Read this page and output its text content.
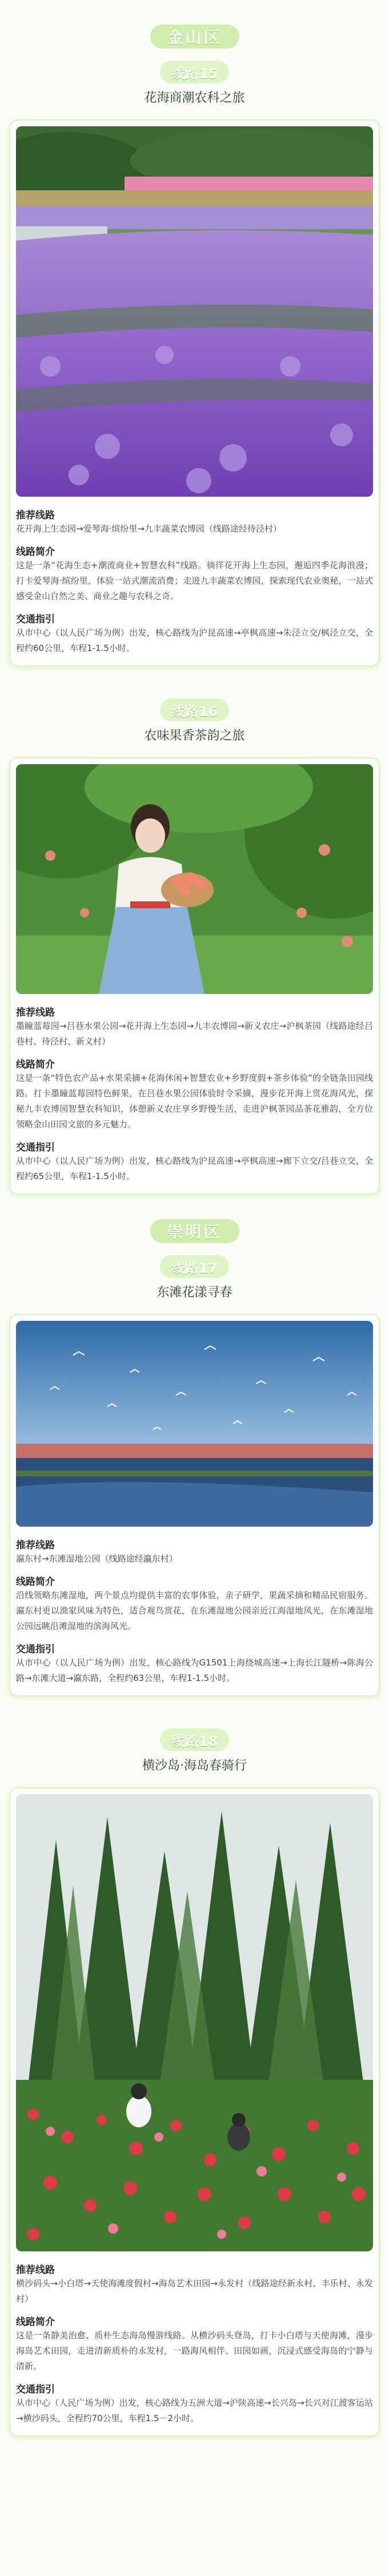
金山区
线路15
花海商潮农科之旅
推荐线路
花开海上生态园→爱琴海·缤纷里→九丰蔬菜农博园（线路途经待泾村）
线路简介
这是一条“花海生态+潮流商业+智慧农科”线路。徜徉花开海上生态园，邂逅四季花海浪漫；打卡爱琴海·缤纷里，体验一站式潮流消费；走进九丰蔬菜农博园，探索现代农业奥秘，一站式感受金山自然之美、商业之趣与农科之奇。
交通指引
从市中心（以人民广场为例）出发，核心路线为沪昆高速→亭枫高速→朱泾立交/枫泾立交，全程约60公里，车程1-1.5小时。
线路16
农味果香茶韵之旅
推荐线路
墨瞳蓝莓园→吕巷水果公园→花开海上生态园→九丰农博园→新义农庄→沪枫茶园（线路途经吕巷村、待泾村、新义村）
线路简介
这是一条“特色农产品+水果采摘+花海休闲+智慧农业+乡野度假+茶乡体验”的全链条田园线路。打卡墨瞳蓝莓园特色鲜果，在吕巷水果公园体验时令采摘，漫步花开海上赏花海风光，探秘九丰农博园智慧农科知识，体憩新义农庄享乡野慢生活，走进沪枫茶园品茶花雅韵，全方位领略金山田园文旅的多元魅力。
交通指引
从市中心（以人民广场为例）出发，核心路线为沪昆高速→亭枫高速→廊下立交/吕巷立交，全程约65公里，车程1-1.5小时。
崇明区
线路17
东滩花漾寻春
推荐线路
瀛东村→东滩湿地公园（线路途经瀛东村）
线路简介
沿线领略东滩湿地，两个景点均提供丰富的农事体验，亲子研学，果蔬采摘和精品民宿服务。瀛东村更以渔家风味为特色，适合观鸟赏花，在东滩湿地公园亲近江海湿地风光，在东滩湿地公园远眺沿滩湿地的滨海风光。
交通指引
从市中心（以人民广场为例）出发，核心路线为G1501上海绕城高速→上海长江隧桥→陈海公路→东滩大道→瀛东路，全程约63公里，车程1-1.5小时。
线路18
横沙岛·海岛春骑行
推荐线路
横沙码头→小白塔→天使海滩度假村→海岛艺术田园→永发村（线路途经新永村、丰乐村、永发村）
线路简介
这是一条静美治愈、质朴生态海岛慢游线路。从横沙码头登岛，打卡小白塔与天使海滩，漫步海岛艺术田园，走进清新质朴的永发村，一路海风相伴、田园如画，沉浸式感受海岛的宁静与清新。
交通指引
从市中心（人民广场为例）出发，核心路线为五洲大道→沪陕高速→长兴岛→长兴对江渡客运站→横沙码头，全程约70公里，车程1.5－2小时。
